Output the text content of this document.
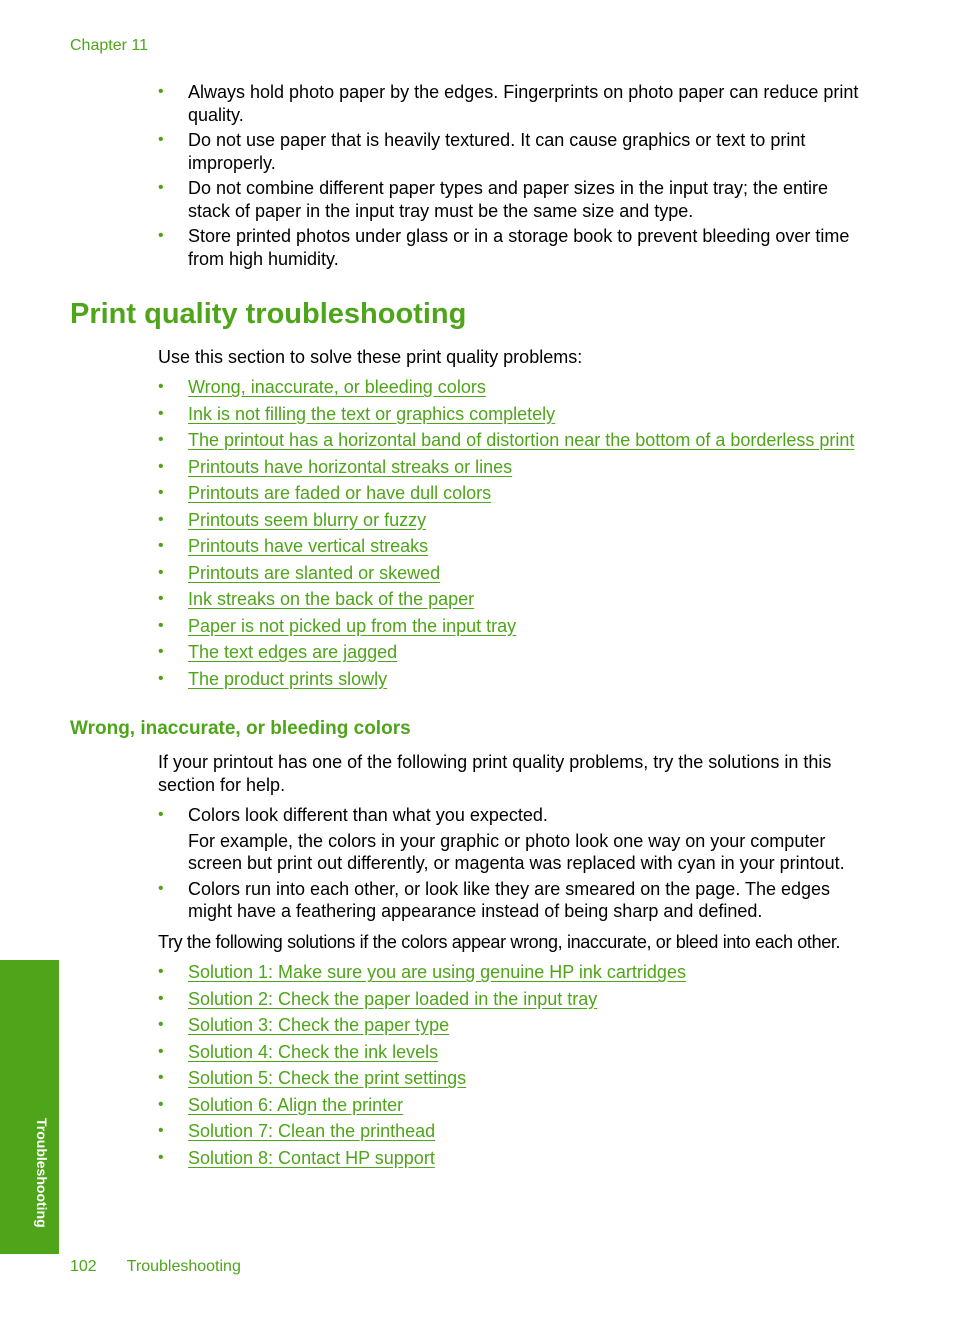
Chapter 11
• Always hold photo paper by the edges. Fingerprints on photo paper can reduce print quality.
• Do not use paper that is heavily textured. It can cause graphics or text to print improperly.
• Do not combine different paper types and paper sizes in the input tray; the entire stack of paper in the input tray must be the same size and type.
• Store printed photos under glass or in a storage book to prevent bleeding over time from high humidity.
Print quality troubleshooting

Use this section to solve these print quality problems:

• Wrong, inaccurate, or bleeding colors
• Ink is not filling the text or graphics completely
• The printout has a horizontal band of distortion near the bottom of a borderless print
• Printouts have horizontal streaks or lines
• Printouts are faded or have dull colors
• Printouts seem blurry or fuzzy
• Printouts have vertical streaks
• Printouts are slanted or skewed
• Ink streaks on the back of the paper
• Paper is not picked up from the input tray
• The text edges are jagged
• The product prints slowly
Wrong, inaccurate, or bleeding colors

If your printout has one of the following print quality problems, try the solutions in this section for help.

• Colors look different than what you expected.
For example, the colors in your graphic or photo look one way on your computer screen but print out differently, or magenta was replaced with cyan in your printout.
• Colors run into each other, or look like they are smeared on the page. The edges might have a feathering appearance instead of being sharp and defined.

Try the following solutions if the colors appear wrong, inaccurate, or bleed into each other.

• Solution 1: Make sure you are using genuine HP ink cartridges
• Solution 2: Check the paper loaded in the input tray
• Solution 3: Check the paper type
• Solution 4: Check the ink levels
• Solution 5: Check the print settings
• Solution 6: Align the printer
• Solution 7: Clean the printhead
• Solution 8: Contact HP support
Troubleshooting
102 Troubleshooting
